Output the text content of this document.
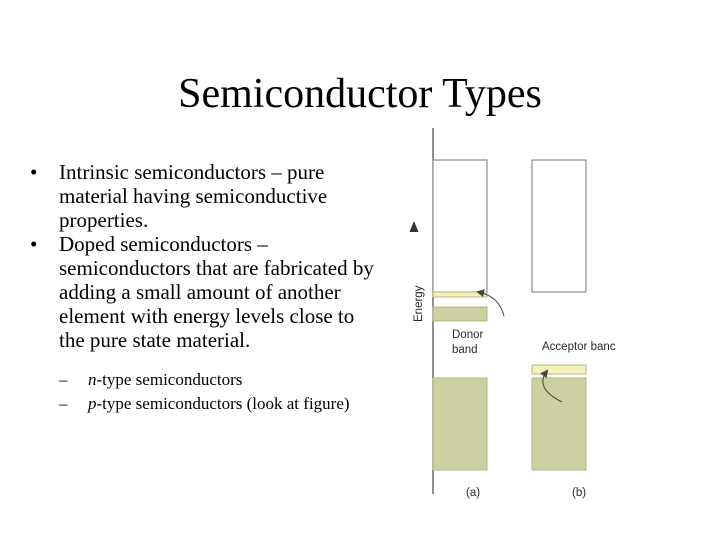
Semiconductor Types
• Intrinsic semiconductors – pure material having semiconductive properties.
• Doped semiconductors – semiconductors that are fabricated by adding a small amount of another element with energy levels close to the pure state material.
– n-type semiconductors
– p-type semiconductors (look at figure)
Energy
Donor
band
(a)
Acceptor banc
(b)
